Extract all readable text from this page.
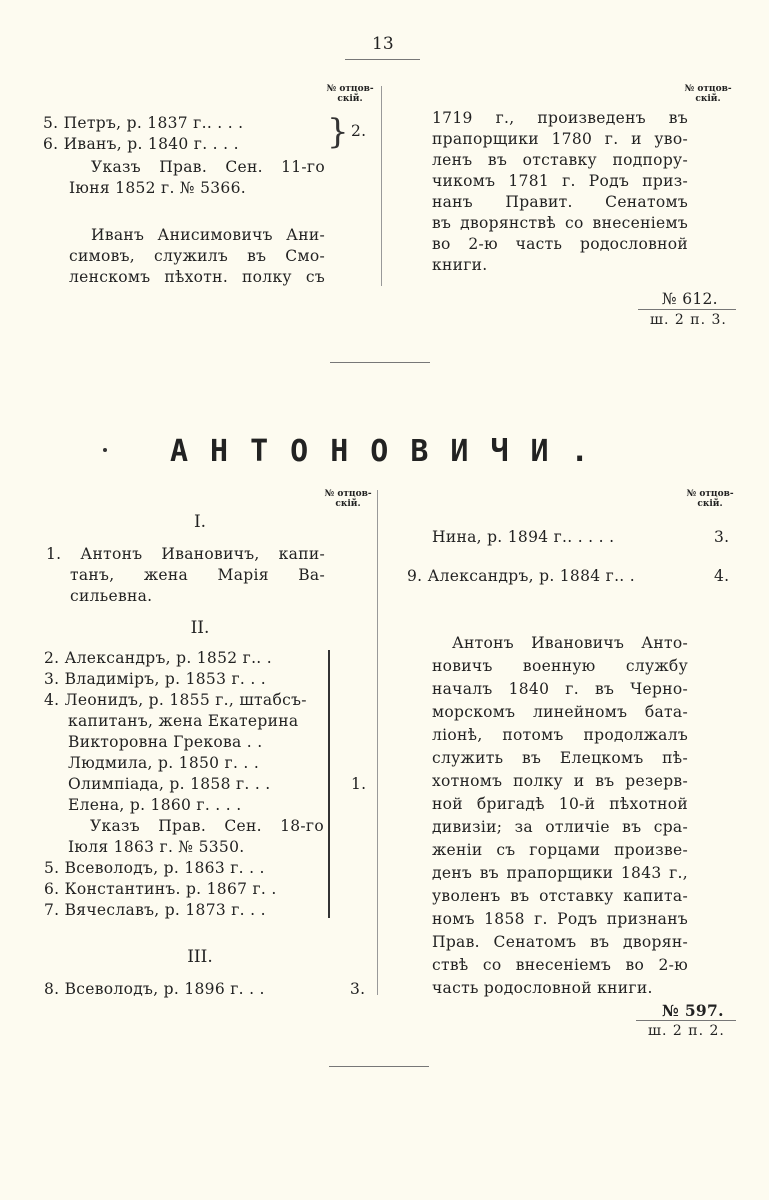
13
№ отцов-
скій.
5. Петръ, р. 1837 г.. . . .
6. Иванъ, р. 1840 г. . . .	} 2.
Указъ Прав. Сен. 11-го
Іюня 1852 г. № 5366.
Иванъ Анисимовичъ Ани-
симовъ, служилъ въ Смо-
ленскомъ пѣхотн. полку съ
№ отцов-
скій.
1719 г., произведенъ въ
прапорщики 1780 г. и уво-
ленъ въ отставку подпору-
чикомъ 1781 г. Родъ приз-
нанъ Правит. Сенатомъ
въ дворянствѣ со внесеніемъ
во 2-ю часть родословной
книги.
№ 612.
ш. 2 п. 3.
АНТОНОВИЧИ.
№ отцов-
скій.
I.
1. Антонъ Ивановичъ, капи-
танъ, жена Марія Ва-
сильевна.
II.
2. Александръ, р. 1852 г.. .
3. Владиміръ, р. 1853 г. . .
4. Леонидъ, р. 1855 г., штабсъ-
капитанъ, жена Екатерина
Викторовна Грекова . .
Людмила, р. 1850 г. . .
Олимпіада, р. 1858 г. . .
Елена, р. 1860 г. . . .
Указъ Прав. Сен. 18-го
Іюля 1863 г. № 5350.
5. Всеволодъ, р. 1863 г. . .
6. Константинъ. р. 1867 г. .
7. Вячеславъ, р. 1873 г. . .
1.
III.
8. Всеволодъ, р. 1896 г. . .	3.
№ отцов-
скій.
Нина, р. 1894 г.. . . . .	3.
9. Александръ, р. 1884 г.. .	4.
Антонъ Ивановичъ Анто-
новичъ военную службу
началъ 1840 г. въ Черно-
морскомъ линейномъ бата-
ліонѣ, потомъ продолжалъ
служить въ Елецкомъ пѣ-
хотномъ полку и въ резерв-
ной бригадѣ 10-й пѣхотной
дивизіи; за отличіе въ сра-
женіи съ горцами произве-
денъ въ прапорщики 1843 г.,
уволенъ въ отставку капита-
номъ 1858 г. Родъ признанъ
Прав. Сенатомъ въ дворян-
ствѣ со внесеніемъ во 2-ю
часть родословной книги.
№ 597.
ш. 2 п. 2.
